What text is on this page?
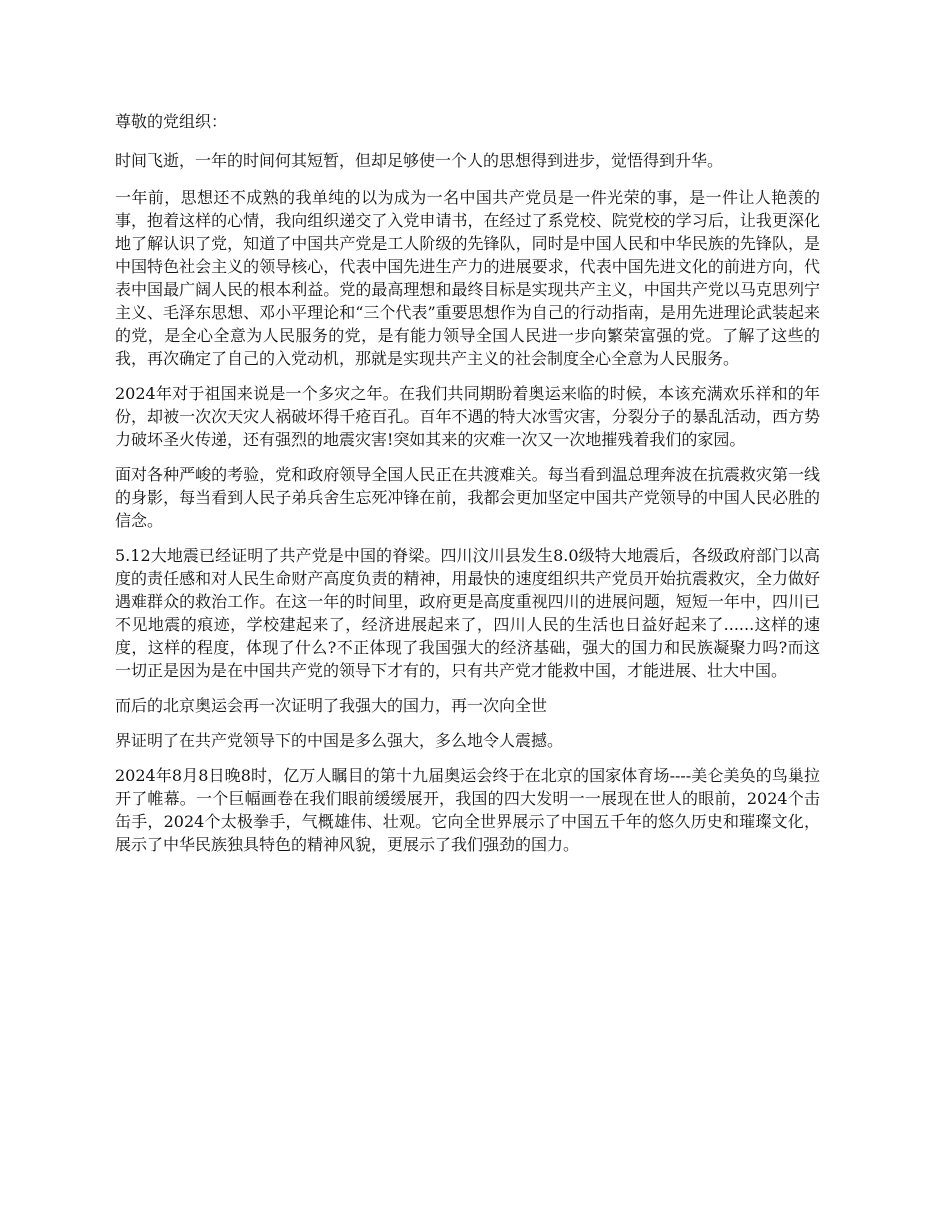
尊敬的党组织：

时间飞逝，一年的时间何其短暂，但却足够使一个人的思想得到进步，觉悟得到升华。

一年前，思想还不成熟的我单纯的以为成为一名中国共产党员是一件光荣的事，是一件让人艳羡的事，抱着这样的心情，我向组织递交了入党申请书，在经过了系党校、院党校的学习后，让我更深化地了解认识了党，知道了中国共产党是工人阶级的先锋队，同时是中国人民和中华民族的先锋队，是中国特色社会主义的领导核心，代表中国先进生产力的进展要求，代表中国先进文化的前进方向，代表中国最广阔人民的根本利益。党的最高理想和最终目标是实现共产主义，中国共产党以马克思列宁主义、毛泽东思想、邓小平理论和“三个代表”重要思想作为自己的行动指南，是用先进理论武装起来的党，是全心全意为人民服务的党，是有能力领导全国人民进一步向繁荣富强的党。了解了这些的我，再次确定了自己的入党动机，那就是实现共产主义的社会制度全心全意为人民服务。

2024年对于祖国来说是一个多灾之年。在我们共同期盼着奥运来临的时候，本该充满欢乐祥和的年份，却被一次次天灾人祸破坏得千疮百孔。百年不遇的特大冰雪灾害，分裂分子的暴乱活动，西方势力破坏圣火传递，还有强烈的地震灾害!突如其来的灾难一次又一次地摧残着我们的家园。

面对各种严峻的考验，党和政府领导全国人民正在共渡难关。每当看到温总理奔波在抗震救灾第一线的身影，每当看到人民子弟兵舍生忘死冲锋在前，我都会更加坚定中国共产党领导的中国人民必胜的信念。

5.12大地震已经证明了共产党是中国的脊梁。四川汶川县发生8.0级特大地震后，各级政府部门以高度的责任感和对人民生命财产高度负责的精神，用最快的速度组织共产党员开始抗震救灾，全力做好遇难群众的救治工作。在这一年的时间里，政府更是高度重视四川的进展问题，短短一年中，四川已不见地震的痕迹，学校建起来了，经济进展起来了，四川人民的生活也日益好起来了......这样的速度，这样的程度，体现了什么?不正体现了我国强大的经济基础，强大的国力和民族凝聚力吗?而这一切正是因为是在中国共产党的领导下才有的，只有共产党才能救中国，才能进展、壮大中国。

而后的北京奥运会再一次证明了我强大的国力，再一次向全世

界证明了在共产党领导下的中国是多么强大，多么地令人震撼。

2024年8月8日晚8时，亿万人瞩目的第十九届奥运会终于在北京的国家体育场----美仑美奂的鸟巢拉开了帷幕。一个巨幅画卷在我们眼前缓缓展开，我国的四大发明一一展现在世人的眼前，2024个击缶手，2024个太极拳手，气概雄伟、壮观。它向全世界展示了中国五千年的悠久历史和璀璨文化，展示了中华民族独具特色的精神风貌，更展示了我们强劲的国力。
